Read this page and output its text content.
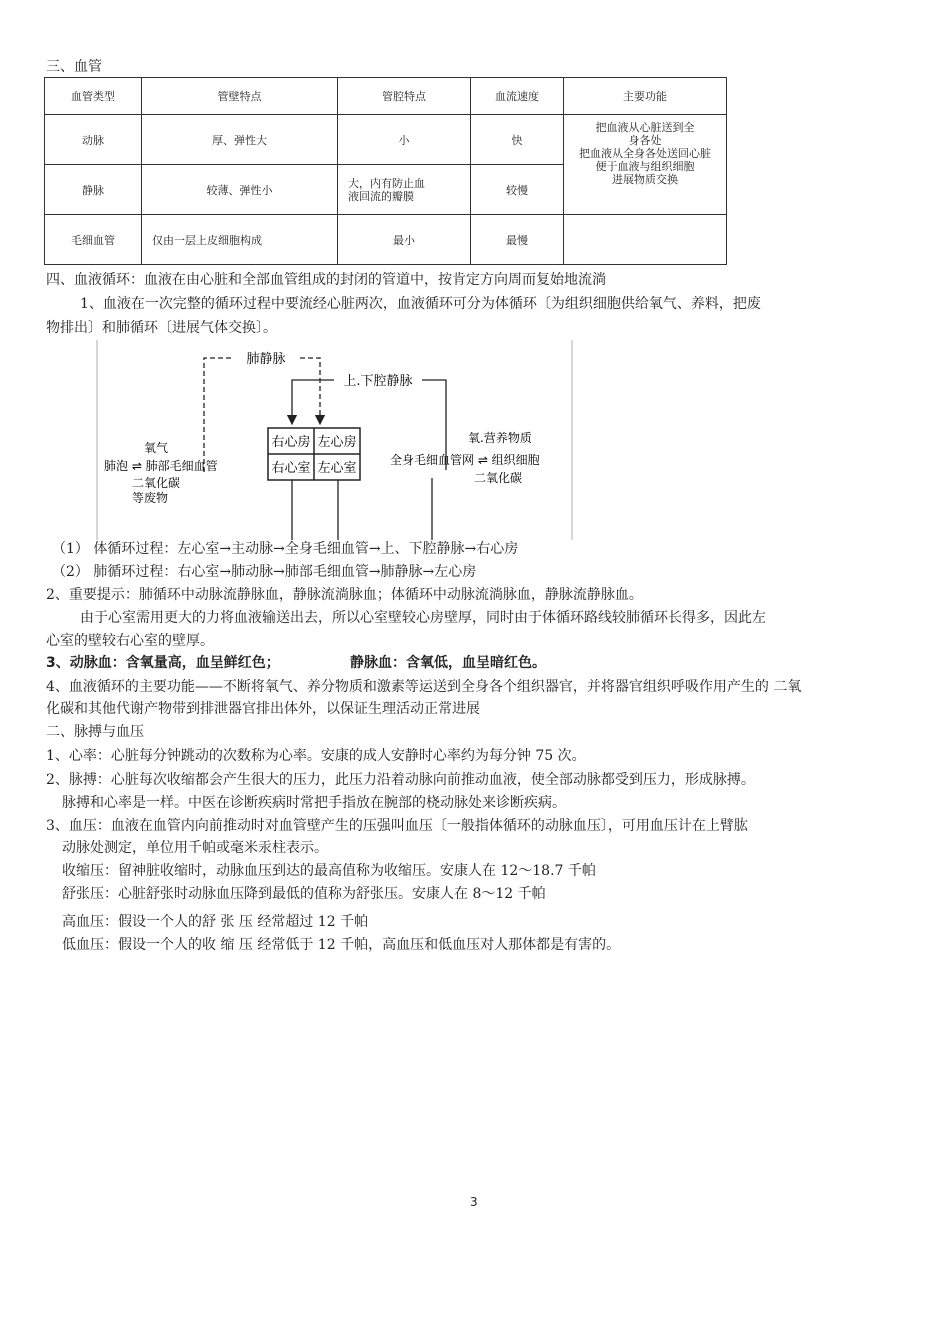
三、血管
血管类型	管壁特点	管腔特点	血流速度	主要功能
动脉	厚、弹性大	小	快	把血液从心脏送到全
身各处
把血液从全身各处送回心脏
便于血液与组织细胞
进展物质交换

静脉	较薄、弹性小	大，内有防止血
液回流的瓣膜	较慢	
毛细血管	仅由一层上皮细胞构成	最小	最慢	
四、血液循环：血液在由心脏和全部血管组成的封闭的管道中，按肯定方向周而复始地流淌
1、血液在一次完整的循环过程中要流经心脏两次，血液循环可分为体循环〔为组织细胞供给氧气、养料，把废
物排出〕和肺循环〔进展气体交换〕。
右心房 左心房
右心室 左心室
肺静脉
上.下腔静脉
氧气
肺泡 ⇌ 肺部毛细血管
二氧化碳
等废物
氧.营养物质
全身毛细血管网 ⇌ 组织细胞
二氧化碳
（1） 体循环过程：左心室→主动脉→全身毛细血管→上、下腔静脉→右心房
（2） 肺循环过程：右心室→肺动脉→肺部毛细血管→肺静脉→左心房
2、重要提示：肺循环中动脉流静脉血，静脉流淌脉血；体循环中动脉流淌脉血，静脉流静脉血。
由于心室需用更大的力将血液输送出去，所以心室壁较心房壁厚，同时由于体循环路线较肺循环长得多，因此左
心室的壁较右心室的壁厚。
3、动脉血：含氧量高，血呈鲜红色；	静脉血：含氧低，血呈暗红色。
4、血液循环的主要功能——不断将氧气、养分物质和激素等运送到全身各个组织器官，并将器官组织呼吸作用产生的 二氧
化碳和其他代谢产物带到排泄器官排出体外，以保证生理活动正常进展
二、脉搏与血压
1、心率：心脏每分钟跳动的次数称为心率。安康的成人安静时心率约为每分钟 75 次。
2、脉搏：心脏每次收缩都会产生很大的压力，此压力沿着动脉向前推动血液，使全部动脉都受到压力，形成脉搏。
脉搏和心率是一样。中医在诊断疾病时常把手指放在腕部的桡动脉处来诊断疾病。
3、血压：血液在血管内向前推动时对血管壁产生的压强叫血压〔一般指体循环的动脉血压〕，可用血压计在上臂肱
动脉处测定，单位用千帕或毫米汞柱表示。
收缩压：留神脏收缩时，动脉血压到达的最高值称为收缩压。安康人在 12～18.7 千帕
舒张压：心脏舒张时动脉血压降到最低的值称为舒张压。安康人在 8～12 千帕
高血压：假设一个人的舒 张 压 经常超过 12 千帕
低血压：假设一个人的收 缩 压 经常低于 12 千帕，高血压和低血压对人那体都是有害的。
3
